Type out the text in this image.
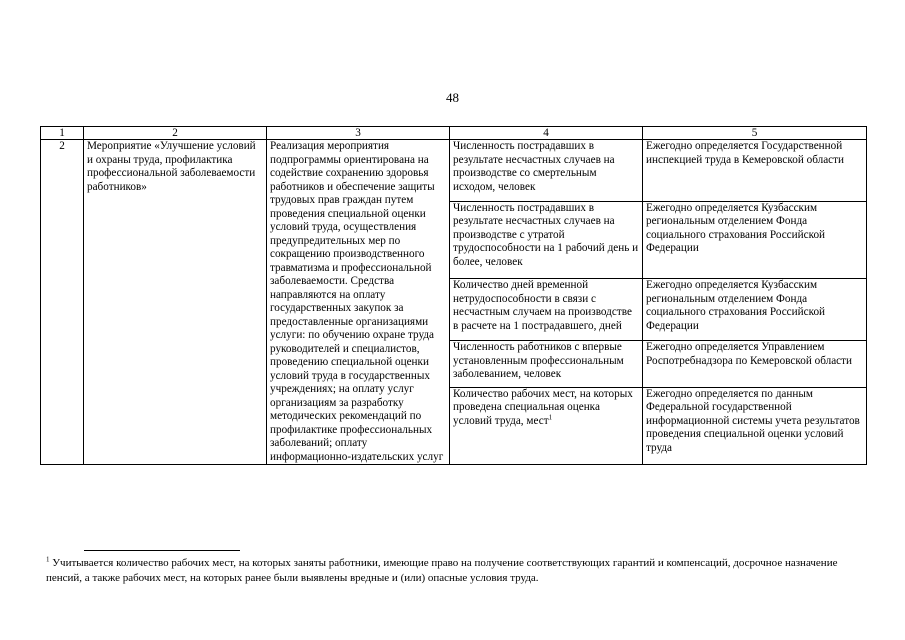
48
1	2	3	4	5
2	Мероприятие «Улучшение условий и охраны труда, профилактика профессиональной заболеваемости работников»	Реализация мероприятия подпрограммы ориентирована на содействие сохранению здоровья работников и обеспечение защиты трудовых прав граждан путем проведения специальной оценки условий труда, осуществления предупредительных мер по сокращению производственного травматизма и профессиональной заболеваемости. Средства направляются на оплату государственных закупок за предоставленные организациями услуги: по обучению охране труда руководителей и специалистов, проведению специальной оценки условий труда в государственных учреждениях; на оплату услуг организациям за разработку методических рекомендаций по профилактике профессиональных заболеваний; оплату информационно-издательских услуг	Численность пострадавших в результате несчастных случаев на производстве со смертельным исходом, человек	Ежегодно определяется Государственной инспекцией труда в Кемеровской области
			Численность пострадавших в результате несчастных случаев на производстве с утратой трудоспособности на 1 рабочий день и более, человек	Ежегодно определяется Кузбасским региональным отделением Фонда социального страхования Российской Федерации
			Количество дней временной нетрудоспособности в связи с несчастным случаем на производстве в расчете на 1 пострадавшего, дней	Ежегодно определяется Кузбасским региональным отделением Фонда социального страхования Российской Федерации
			Численность работников с впервые установленным профессиональным заболеванием, человек	Ежегодно определяется Управлением Роспотребнадзора по Кемеровской области
			Количество рабочих мест, на которых проведена специальная оценка условий труда, мест$^1$	Ежегодно определяется по данным Федеральной государственной информационной системы учета результатов проведения специальной оценки условий труда
$^1$ Учитывается количество рабочих мест, на которых заняты работники, имеющие право на получение соответствующих гарантий и компенсаций, досрочное назначение пенсий, а также рабочих мест, на которых ранее были выявлены вредные и (или) опасные условия труда.
